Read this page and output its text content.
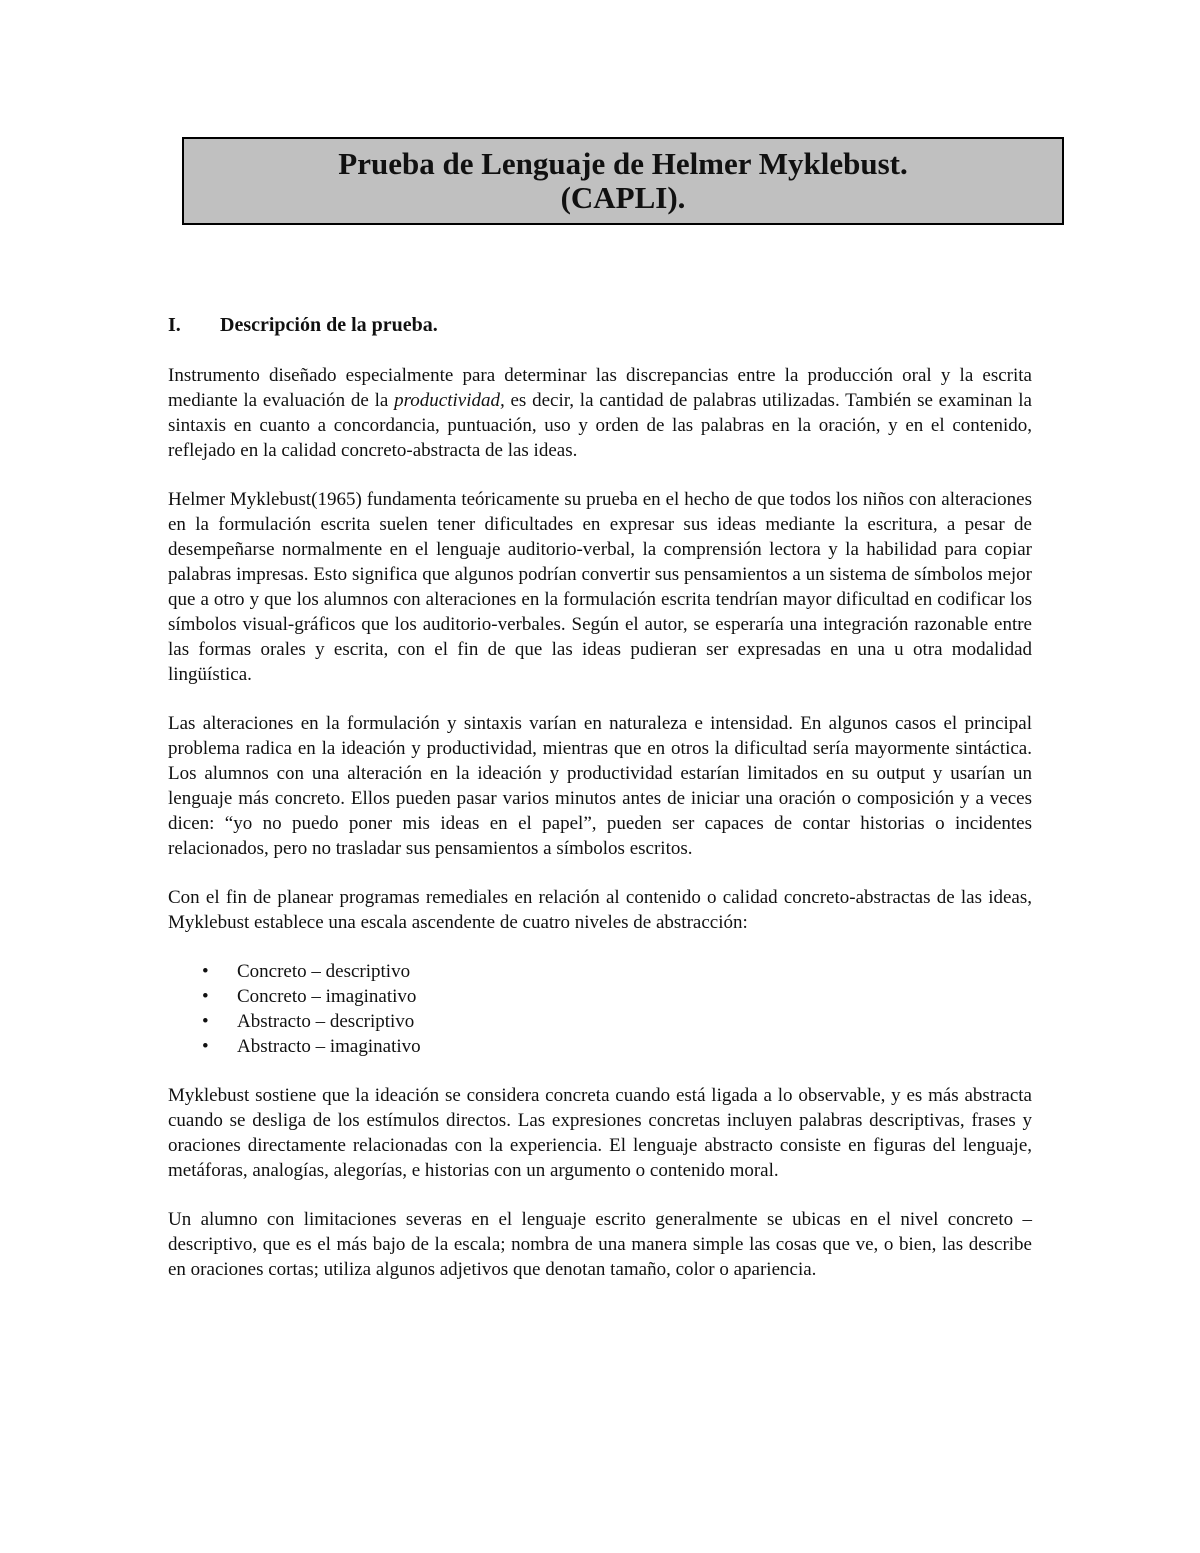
Prueba de Lenguaje de Helmer Myklebust.
(CAPLI).
I.	Descripción de la prueba.

Instrumento diseñado especialmente para determinar las discrepancias entre la producción oral y la escrita mediante la evaluación de la productividad, es decir, la cantidad de palabras utilizadas. También se examinan la sintaxis en cuanto a concordancia, puntuación, uso y orden de las palabras en la oración, y en el contenido, reflejado en la calidad concreto-abstracta de las ideas.

Helmer Myklebust(1965) fundamenta teóricamente su prueba en el hecho de que todos los niños con alteraciones en la formulación escrita suelen tener dificultades en expresar sus ideas mediante la escritura, a pesar de desempeñarse normalmente en el lenguaje auditorio-verbal, la comprensión lectora y la habilidad para copiar palabras impresas. Esto significa que algunos podrían convertir sus pensamientos a un sistema de símbolos mejor que a otro y que los alumnos con alteraciones en la formulación escrita tendrían mayor dificultad en codificar los símbolos visual-gráficos que los auditorio-verbales. Según el autor, se esperaría una integración razonable entre las formas orales y escrita, con el fin de que las ideas pudieran ser expresadas en una u otra modalidad lingüística.

Las alteraciones en la formulación y sintaxis varían en naturaleza e intensidad. En algunos casos el principal problema radica en la ideación y productividad, mientras que en otros la dificultad sería mayormente sintáctica. Los alumnos con una alteración en la ideación y productividad estarían limitados en su output y usarían un lenguaje más concreto. Ellos pueden pasar varios minutos antes de iniciar una oración o composición y a veces dicen: “yo no puedo poner mis ideas en el papel”, pueden ser capaces de contar historias o incidentes relacionados, pero no trasladar sus pensamientos a símbolos escritos.

Con el fin de planear programas remediales en relación al contenido o calidad concreto-abstractas de las ideas, Myklebust establece una escala ascendente de cuatro niveles de abstracción:

• Concreto – descriptivo
• Concreto – imaginativo
• Abstracto – descriptivo
• Abstracto – imaginativo

Myklebust sostiene que la ideación se considera concreta cuando está ligada a lo observable, y es más abstracta cuando se desliga de los estímulos directos. Las expresiones concretas incluyen palabras descriptivas, frases y oraciones directamente relacionadas con la experiencia. El lenguaje abstracto consiste en figuras del lenguaje, metáforas, analogías, alegorías, e historias con un argumento o contenido moral.

Un alumno con limitaciones severas en el lenguaje escrito generalmente se ubicas en el nivel concreto – descriptivo, que es el más bajo de la escala; nombra de una manera simple las cosas que ve, o bien, las describe en oraciones cortas; utiliza algunos adjetivos que denotan tamaño, color o apariencia.
